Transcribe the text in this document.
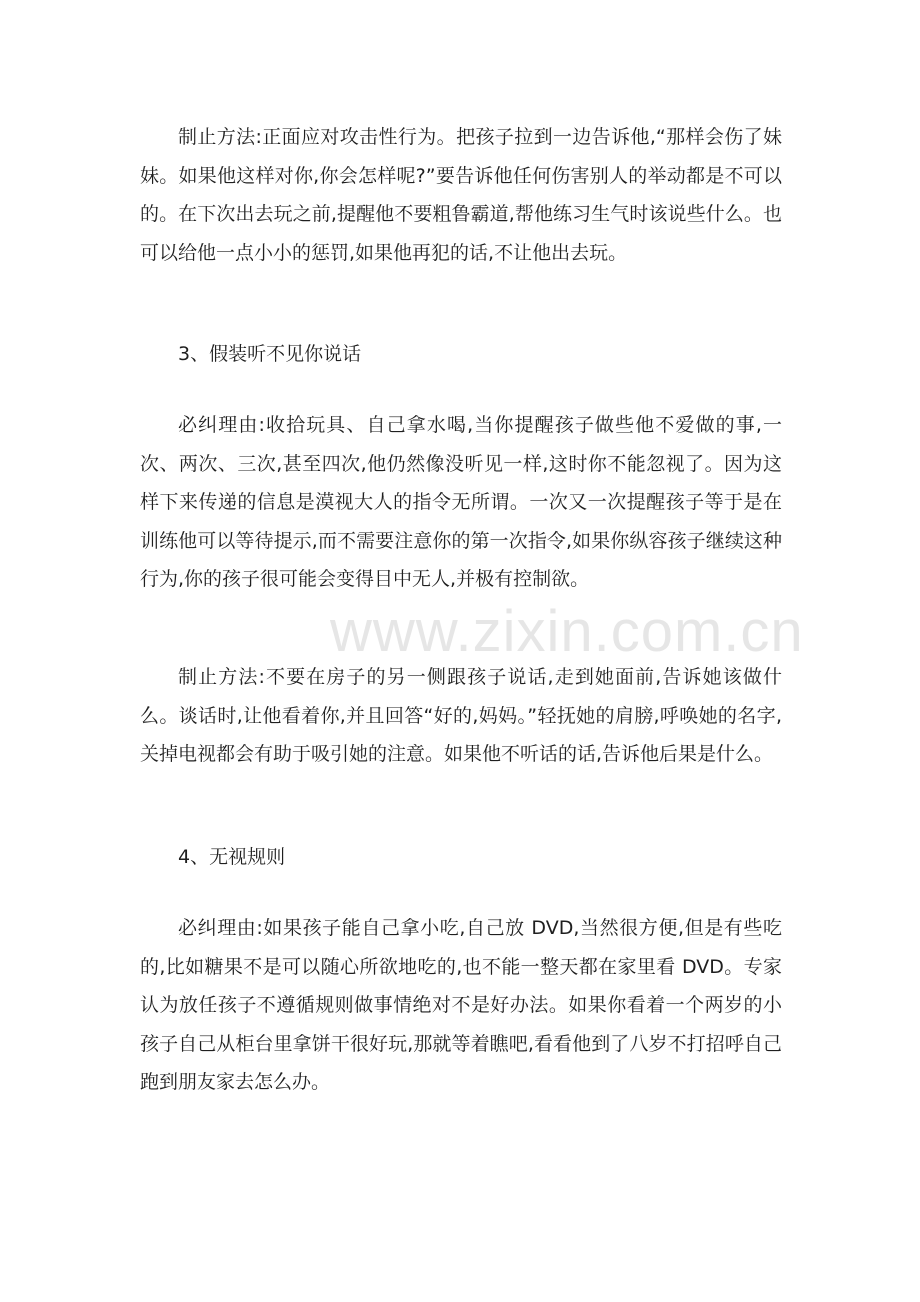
制止方法:正面应对攻击性行为。把孩子拉到一边告诉他,“那样会伤了妹妹。如果他这样对你,你会怎样呢?”要告诉他任何伤害别人的举动都是不可以的。在下次出去玩之前,提醒他不要粗鲁霸道,帮他练习生气时该说些什么。也可以给他一点小小的惩罚,如果他再犯的话,不让他出去玩。

3、假装听不见你说话

必纠理由:收拾玩具、自己拿水喝,当你提醒孩子做些他不爱做的事,一次、两次、三次,甚至四次,他仍然像没听见一样,这时你不能忽视了。因为这样下来传递的信息是漠视大人的指令无所谓。一次又一次提醒孩子等于是在训练他可以等待提示,而不需要注意你的第一次指令,如果你纵容孩子继续这种行为,你的孩子很可能会变得目中无人,并极有控制欲。

制止方法:不要在房子的另一侧跟孩子说话,走到她面前,告诉她该做什么。谈话时,让他看着你,并且回答“好的,妈妈。”轻抚她的肩膀,呼唤她的名字,关掉电视都会有助于吸引她的注意。如果他不听话的话,告诉他后果是什么。

4、无视规则

必纠理由:如果孩子能自己拿小吃,自己放 DVD,当然很方便,但是有些吃的,比如糖果不是可以随心所欲地吃的,也不能一整天都在家里看 DVD。专家认为放任孩子不遵循规则做事情绝对不是好办法。如果你看着一个两岁的小孩子自己从柜台里拿饼干很好玩,那就等着瞧吧,看看他到了八岁不打招呼自己跑到朋友家去怎么办。

www.zixin.com.cn
